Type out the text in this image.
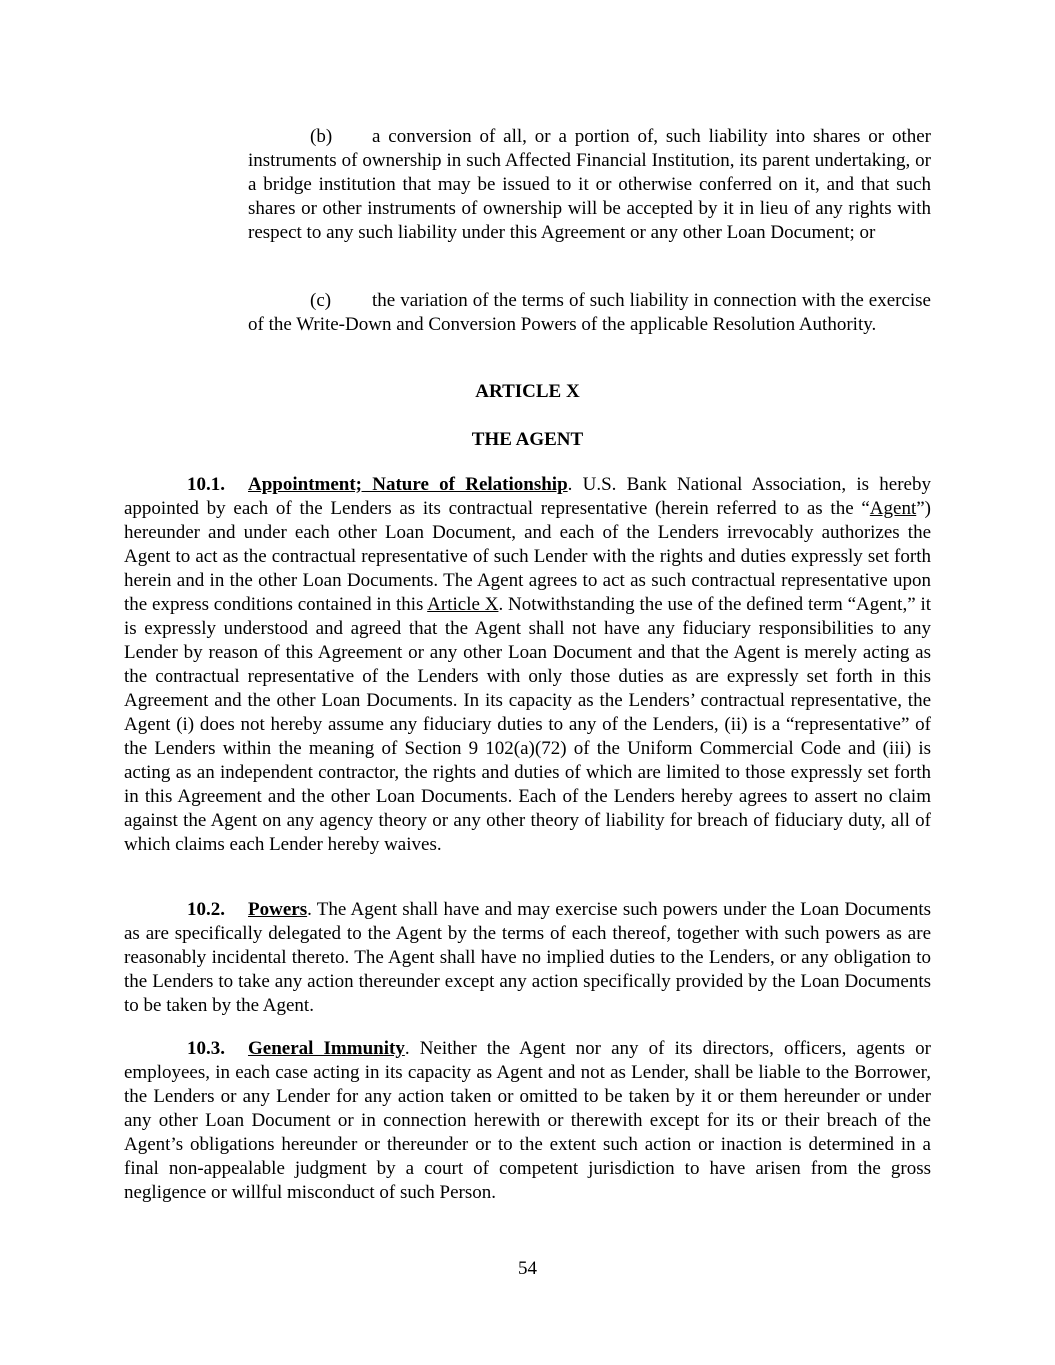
(b) a conversion of all, or a portion of, such liability into shares or other instruments of ownership in such Affected Financial Institution, its parent undertaking, or a bridge institution that may be issued to it or otherwise conferred on it, and that such shares or other instruments of ownership will be accepted by it in lieu of any rights with respect to any such liability under this Agreement or any other Loan Document; or

(c) the variation of the terms of such liability in connection with the exercise of the Write-Down and Conversion Powers of the applicable Resolution Authority.

ARTICLE X
THE AGENT

10.1. Appointment; Nature of Relationship. U.S. Bank National Association, is hereby appointed by each of the Lenders as its contractual representative (herein referred to as the “Agent”) hereunder and under each other Loan Document, and each of the Lenders irrevocably authorizes the Agent to act as the contractual representative of such Lender with the rights and duties expressly set forth herein and in the other Loan Documents. The Agent agrees to act as such contractual representative upon the express conditions contained in this Article X. Notwithstanding the use of the defined term “Agent,” it is expressly understood and agreed that the Agent shall not have any fiduciary responsibilities to any Lender by reason of this Agreement or any other Loan Document and that the Agent is merely acting as the contractual representative of the Lenders with only those duties as are expressly set forth in this Agreement and the other Loan Documents. In its capacity as the Lenders’ contractual representative, the Agent (i) does not hereby assume any fiduciary duties to any of the Lenders, (ii) is a “representative” of the Lenders within the meaning of Section 9 102(a)(72) of the Uniform Commercial Code and (iii) is acting as an independent contractor, the rights and duties of which are limited to those expressly set forth in this Agreement and the other Loan Documents. Each of the Lenders hereby agrees to assert no claim against the Agent on any agency theory or any other theory of liability for breach of fiduciary duty, all of which claims each Lender hereby waives.

10.2. Powers. The Agent shall have and may exercise such powers under the Loan Documents as are specifically delegated to the Agent by the terms of each thereof, together with such powers as are reasonably incidental thereto. The Agent shall have no implied duties to the Lenders, or any obligation to the Lenders to take any action thereunder except any action specifically provided by the Loan Documents to be taken by the Agent.

10.3. General Immunity. Neither the Agent nor any of its directors, officers, agents or employees, in each case acting in its capacity as Agent and not as Lender, shall be liable to the Borrower, the Lenders or any Lender for any action taken or omitted to be taken by it or them hereunder or under any other Loan Document or in connection herewith or therewith except for its or their breach of the Agent’s obligations hereunder or thereunder or to the extent such action or inaction is determined in a final non-appealable judgment by a court of competent jurisdiction to have arisen from the gross negligence or willful misconduct of such Person.

54
